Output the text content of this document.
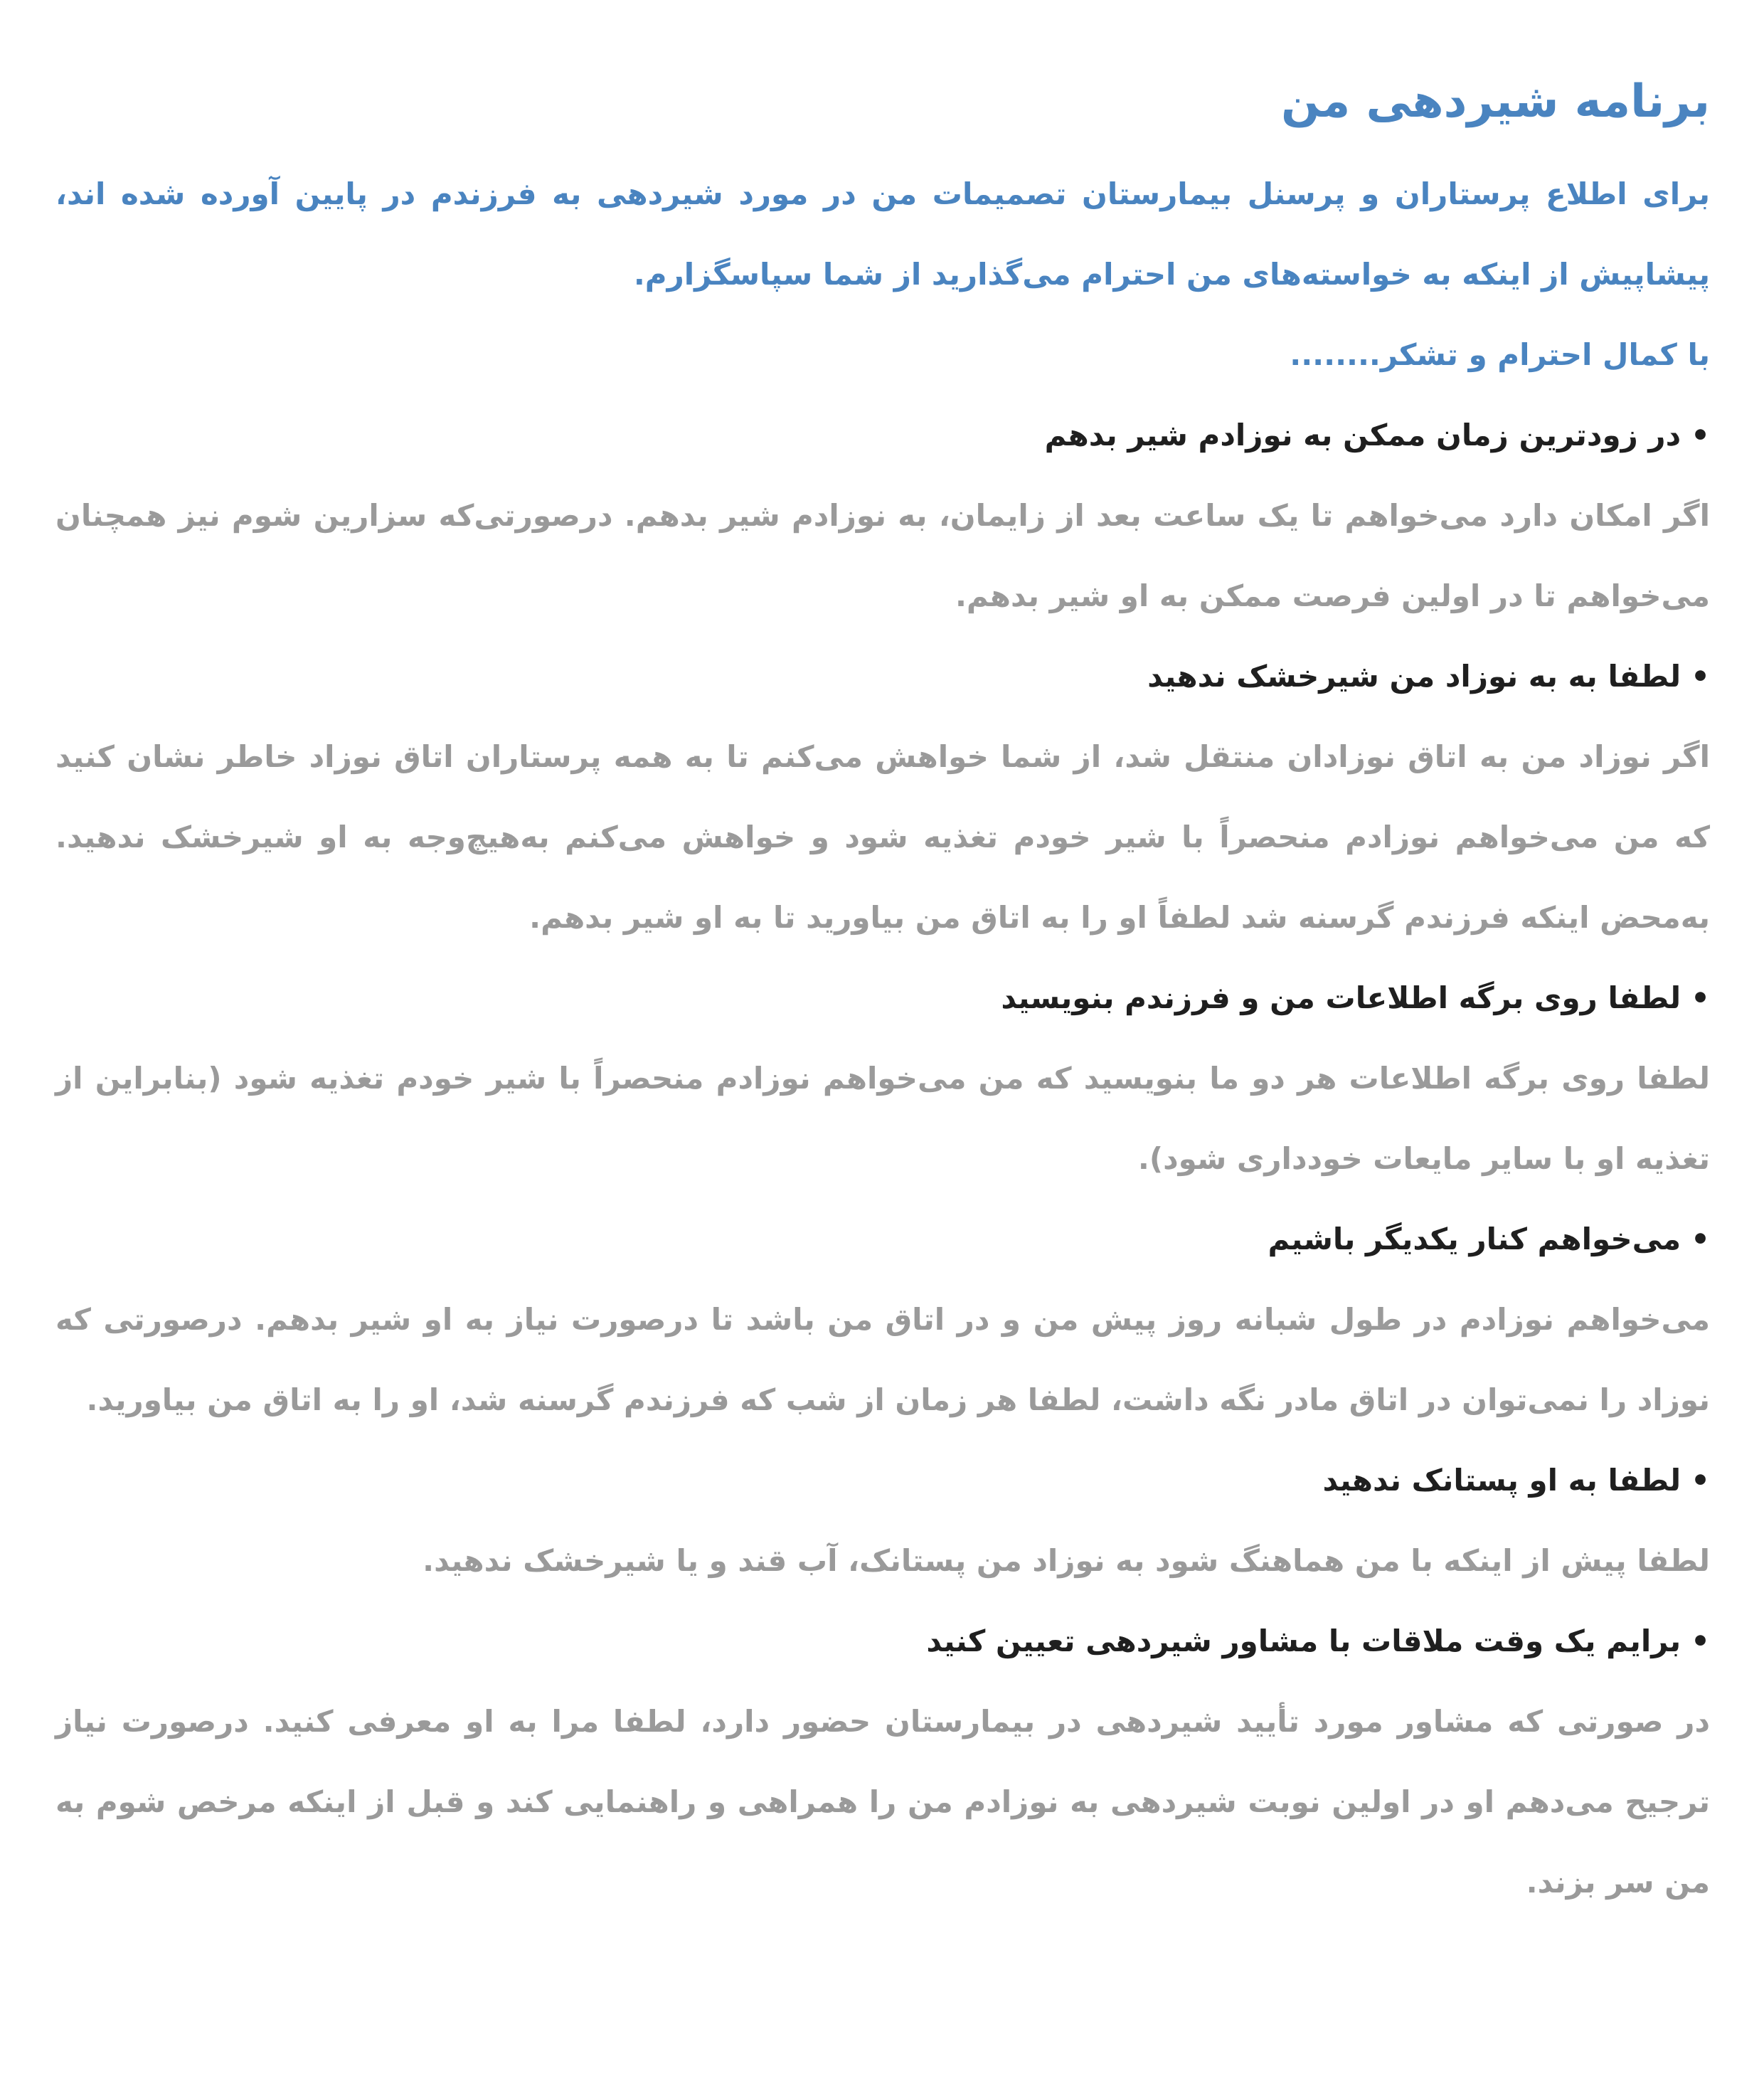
برنامه شیردهی من

برای اطلاع پرستاران و پرسنل بیمارستان تصمیمات من در مورد شیردهی به فرزندم در پایین آورده شده اند، پیشاپیش از اینکه به خواسته‌های من احترام می‌گذارید از شما سپاسگزارم.

با کمال احترام و تشکر........

•در زودترین زمان ممکن به نوزادم شیر بدهم

اگر امکان دارد می‌خواهم تا یک ساعت بعد از زایمان، به نوزادم شیر بدهم. درصورتی‌که سزارین شوم نیز همچنان می‌خواهم تا در اولین فرصت ممکن به او شیر بدهم.

•لطفا به به نوزاد من شیرخشک ندهید

اگر نوزاد من به اتاق نوزادان منتقل شد، از شما خواهش می‌کنم تا به همه پرستاران اتاق نوزاد خاطر نشان کنید که من می‌خواهم نوزادم منحصراً با شیر خودم تغذیه شود و خواهش می‌کنم به‌هیچ‌وجه به او شیرخشک ندهید. به‌محض اینکه فرزندم گرسنه شد لطفاً او را به اتاق من بیاورید تا به او شیر بدهم.

•لطفا روی برگه اطلاعات من و فرزندم بنویسید

لطفا روی برگه اطلاعات هر دو ما بنویسید که من می‌خواهم نوزادم منحصراً با شیر خودم تغذیه شود (بنابراین از تغذیه او با سایر مایعات خودداری شود).

•می‌خواهم کنار یکدیگر باشیم

می‌خواهم نوزادم در طول شبانه روز پیش من و در اتاق من باشد تا درصورت نیاز به او شیر بدهم. درصورتی که نوزاد را نمی‌توان در اتاق مادر نگه داشت، لطفا هر زمان از شب که فرزندم گرسنه شد، او را به اتاق من بیاورید.

•لطفا به او پستانک ندهید

لطفا پیش از اینکه با من هماهنگ شود به نوزاد من پستانک، آب قند و یا شیرخشک ندهید.

•برایم یک وقت ملاقات با مشاور شیردهی تعیین کنید

در صورتی که مشاور مورد تأیید شیردهی در بیمارستان حضور دارد، لطفا مرا به او معرفی کنید. درصورت نیاز ترجیح می‌دهم او در اولین نوبت شیردهی به نوزادم من را همراهی و راهنمایی کند و قبل از اینکه مرخص شوم به من سر بزند.
